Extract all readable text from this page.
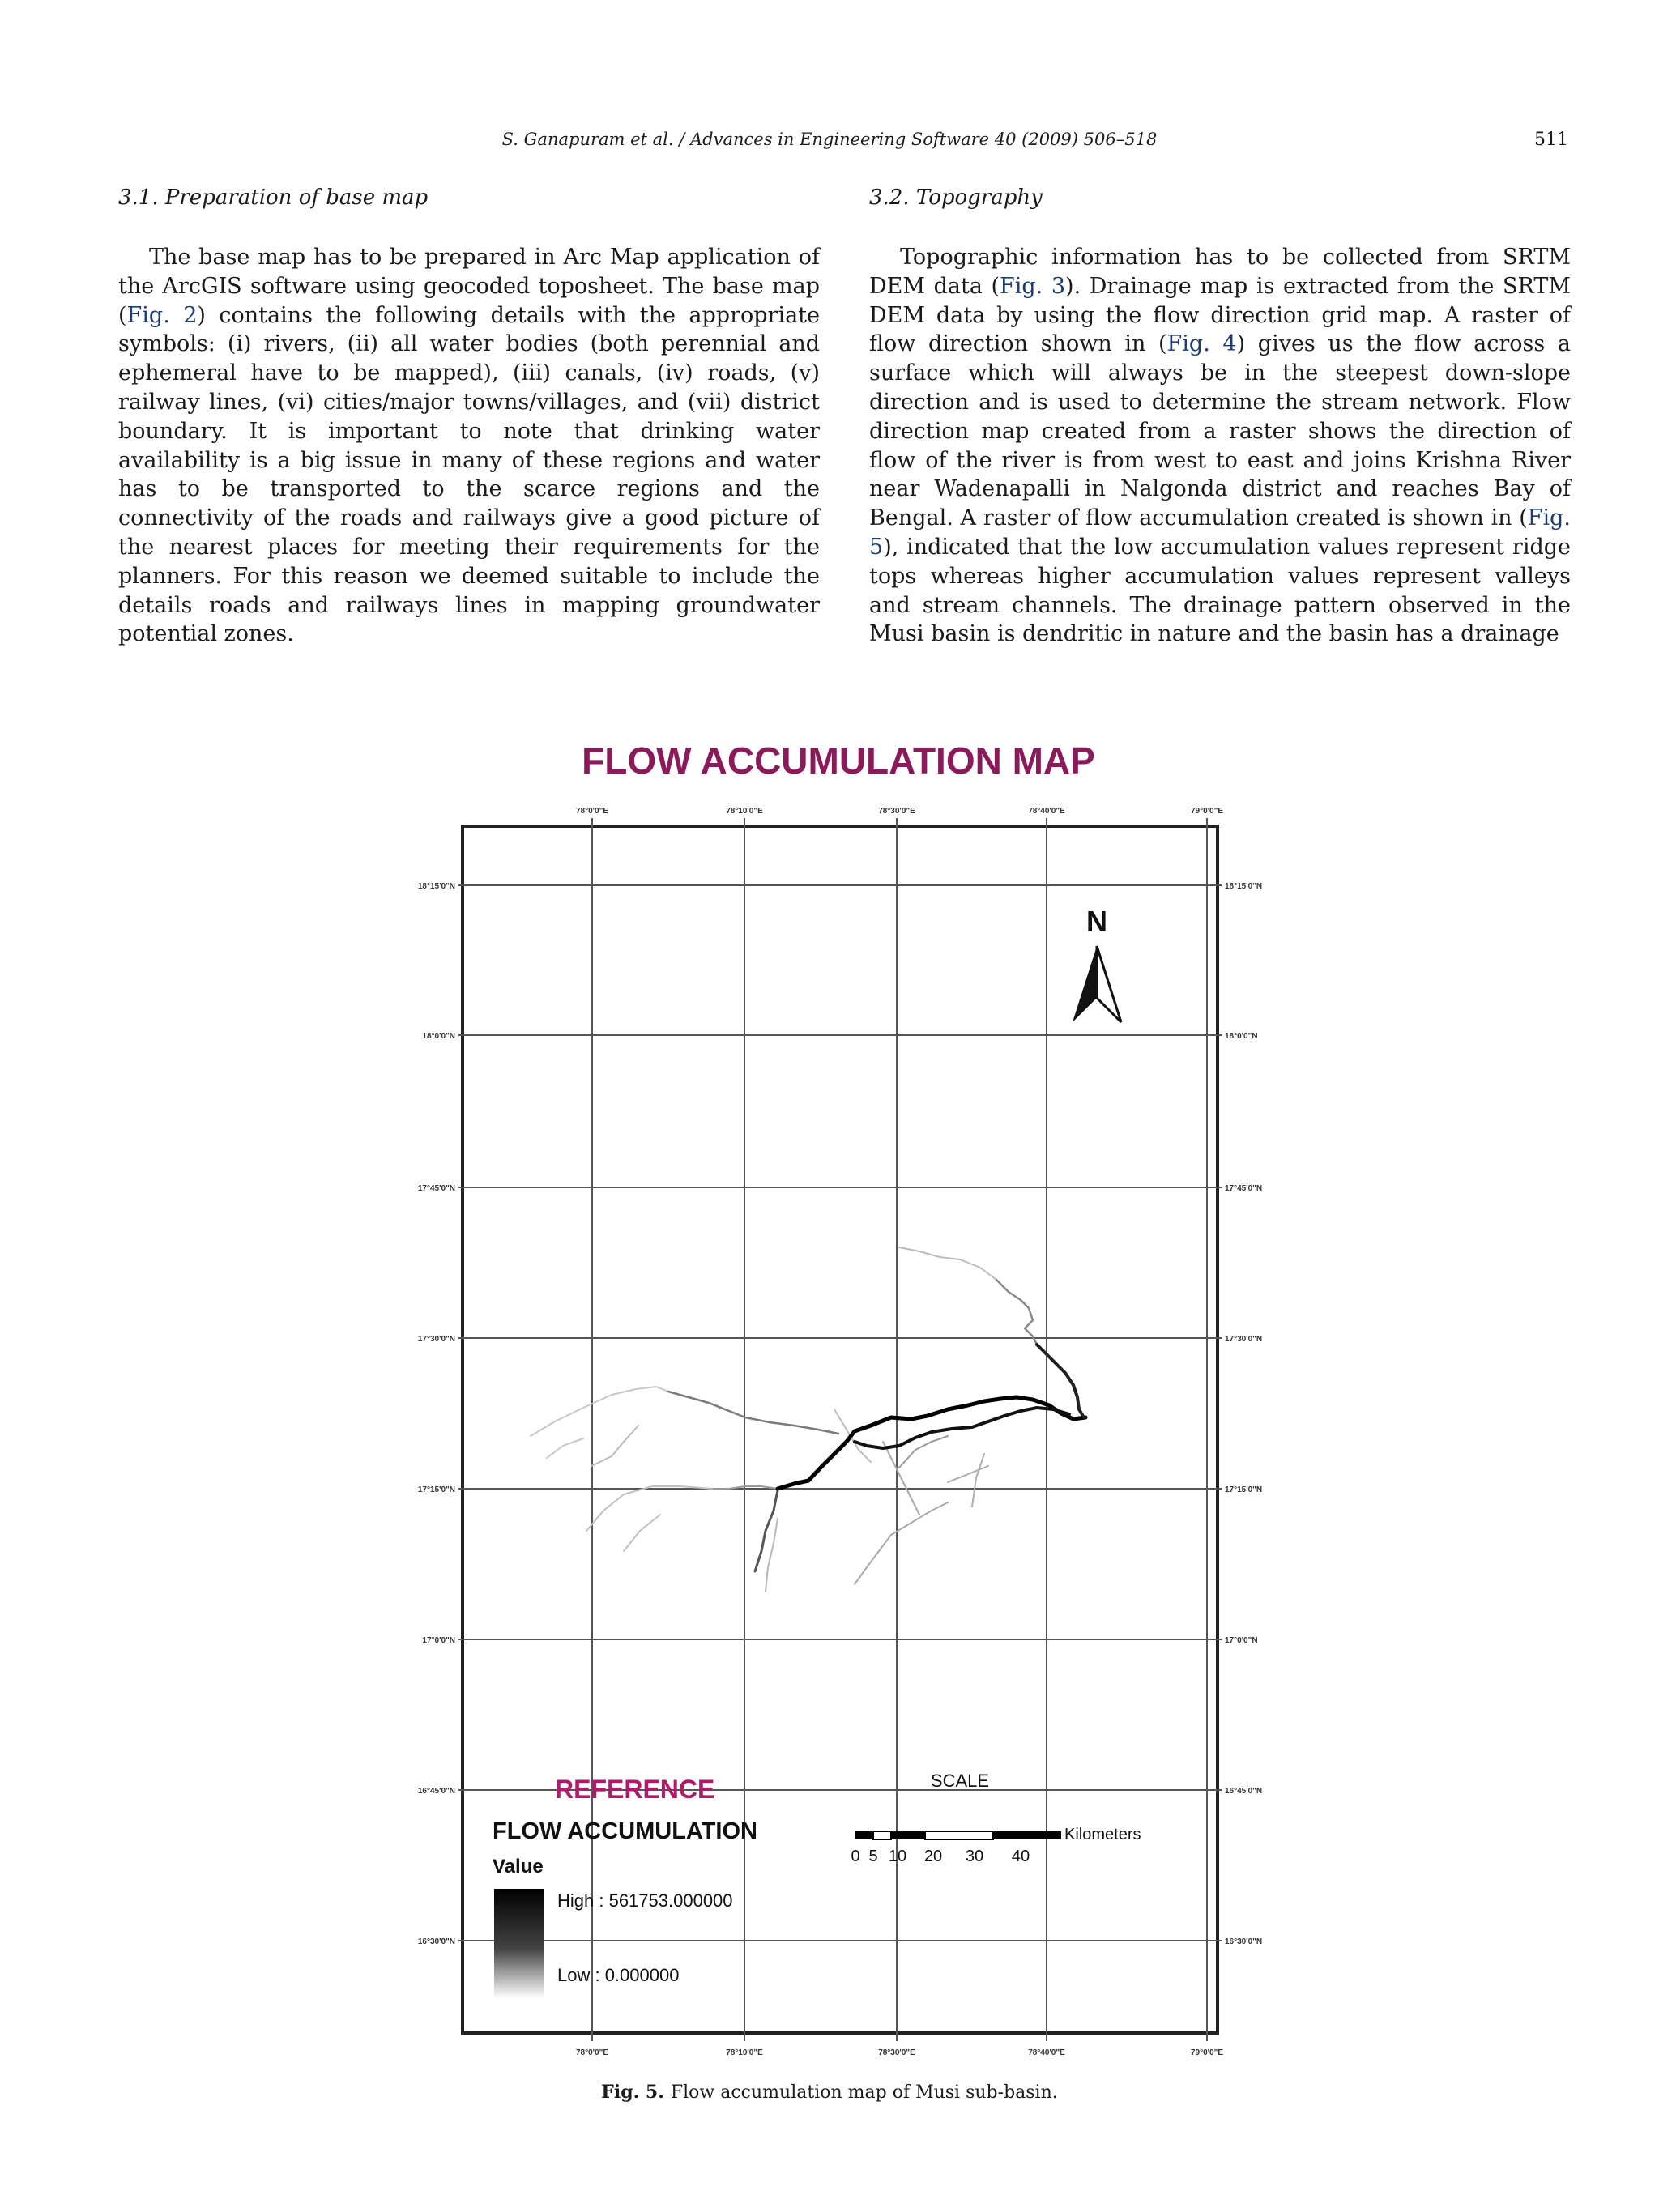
S. Ganapuram et al. / Advances in Engineering Software 40 (2009) 506–518	511
3.1. Preparation of base map

The base map has to be prepared in Arc Map application of the ArcGIS software using geocoded toposheet. The base map (Fig. 2) contains the following details with the appropriate symbols: (i) rivers, (ii) all water bodies (both perennial and ephemeral have to be mapped), (iii) canals, (iv) roads, (v) railway lines, (vi) cities/major towns/villages, and (vii) district boundary. It is important to note that drinking water availability is a big issue in many of these regions and water has to be transported to the scarce regions and the connectivity of the roads and railways give a good picture of the nearest places for meeting their requirements for the planners. For this reason we deemed suitable to include the details roads and railways lines in mapping groundwater potential zones.

3.2. Topography

Topographic information has to be collected from SRTM DEM data (Fig. 3). Drainage map is extracted from the SRTM DEM data by using the flow direction grid map. A raster of flow direction shown in (Fig. 4) gives us the flow across a surface which will always be in the steepest down-slope direction and is used to determine the stream network. Flow direction map created from a raster shows the direction of flow of the river is from west to east and joins Krishna River near Wadenapalli in Nalgonda district and reaches Bay of Bengal. A raster of flow accumulation created is shown in (Fig. 5), indicated that the low accumulation values represent ridge tops whereas higher accumulation values represent valleys and stream channels. The drainage pattern observed in the Musi basin is dendritic in nature and the basin has a drainage

FLOW ACCUMULATION MAP
78°0'0"E	78°10'0"E	78°30'0"E	78°40'0"E	79°0'0"E
78°0'0"E	78°10'0"E	78°30'0"E	78°40'0"E	79°0'0"E
18°15'0"N
18°0'0"N
17°45'0"N
17°30'0"N
17°15'0"N
17°0'0"N
16°45'0"N
16°30'0"N
18°15'0"N
18°0'0"N
17°45'0"N
17°30'0"N
17°15'0"N
17°0'0"N
16°45'0"N
16°30'0"N
N
SCALE
Kilometers
0 5 10 20 30 40
REFERENCE
FLOW ACCUMULATION
Value
High : 561753.000000
Low : 0.000000
Fig. 5. Flow accumulation map of Musi sub-basin.
